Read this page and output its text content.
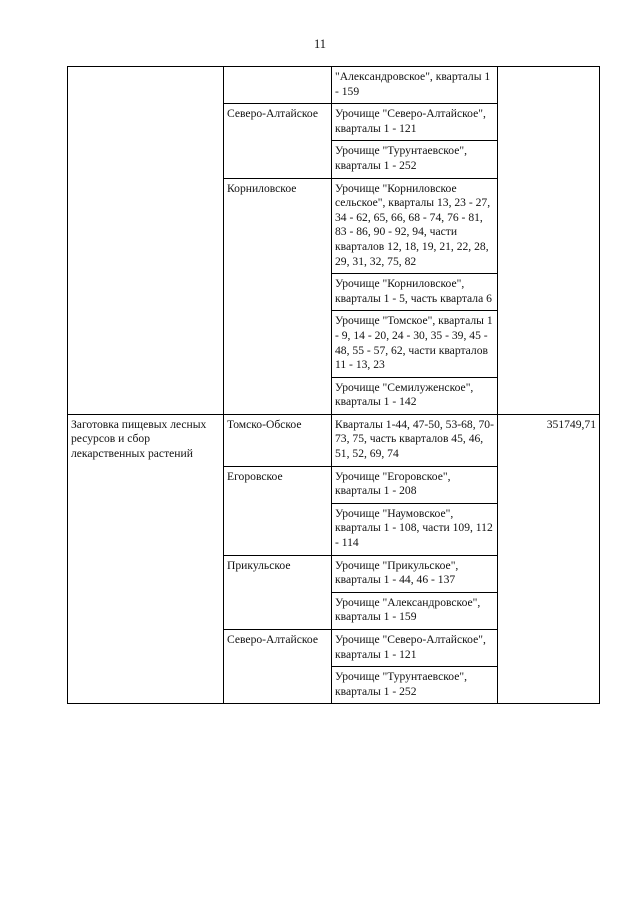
11
		"Александровское", кварталы 1 - 159	
	Северо-Алтайское	Урочище "Северо-Алтайское", кварталы 1 - 121	
		Урочище "Турунтаевское", кварталы 1 - 252	
	Корниловское	Урочище "Корниловское сельское", кварталы 13, 23 - 27, 34 - 62, 65, 66, 68 - 74, 76 - 81, 83 - 86, 90 - 92, 94, части кварталов 12, 18, 19, 21, 22, 28, 29, 31, 32, 75, 82	
		Урочище "Корниловское", кварталы 1 - 5, часть квартала 6	
		Урочище "Томское", кварталы 1 - 9, 14 - 20, 24 - 30, 35 - 39, 45 - 48, 55 - 57, 62, части кварталов 11 - 13, 23	
		Урочище "Семилуженское", кварталы 1 - 142	
Заготовка пищевых лесных ресурсов и сбор лекарственных растений	Томско-Обское	Кварталы 1-44, 47-50, 53-68, 70-73, 75, часть кварталов 45, 46, 51, 52, 69, 74	351749,71
	Егоровское	Урочище "Егоровское", кварталы 1 - 208	
		Урочище "Наумовское", кварталы 1 - 108, части 109, 112 - 114	
	Прикульское	Урочище "Прикульское", кварталы 1 - 44, 46 - 137	
		Урочище "Александровское", кварталы 1 - 159	
	Северо-Алтайское	Урочище "Северо-Алтайское", кварталы 1 - 121	
		Урочище "Турунтаевское", кварталы 1 - 252	
